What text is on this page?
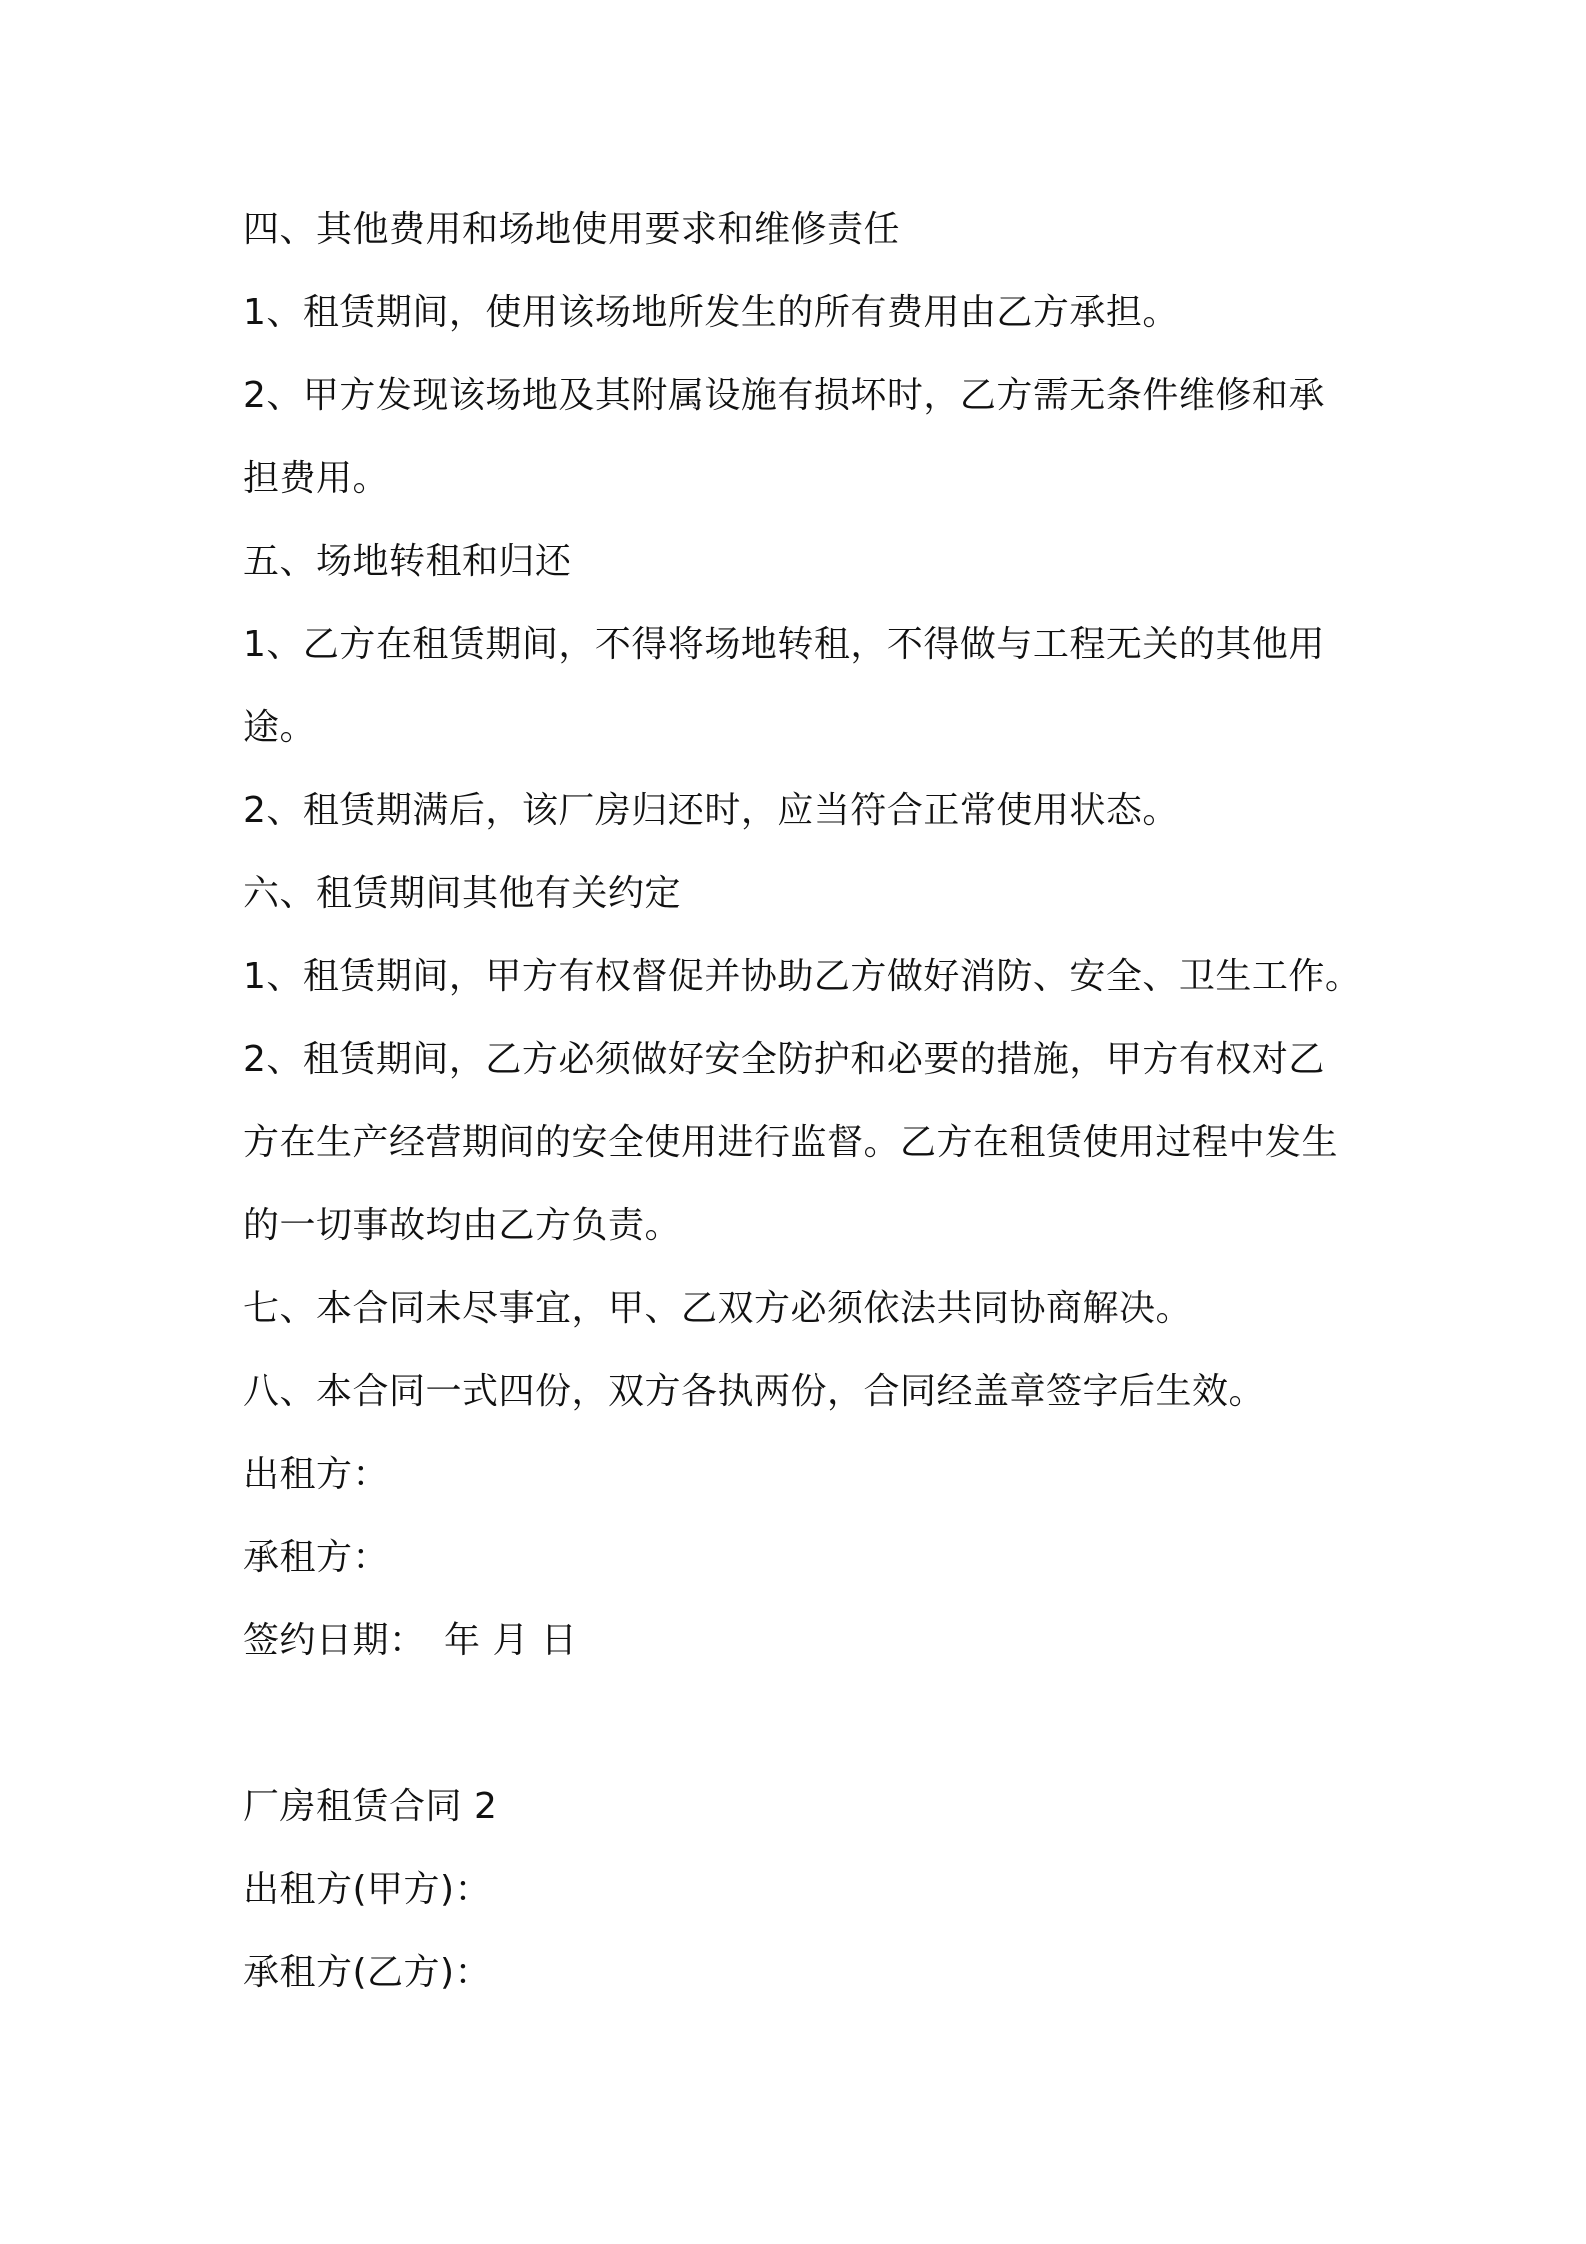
四、其他费用和场地使用要求和维修责任

1、租赁期间，使用该场地所发生的所有费用由乙方承担。

2、甲方发现该场地及其附属设施有损坏时，乙方需无条件维修和承

担费用。

五、场地转租和归还

1、乙方在租赁期间，不得将场地转租，不得做与工程无关的其他用

途。

2、租赁期满后，该厂房归还时，应当符合正常使用状态。

六、租赁期间其他有关约定

1、租赁期间，甲方有权督促并协助乙方做好消防、安全、卫生工作。

2、租赁期间，乙方必须做好安全防护和必要的措施，甲方有权对乙

方在生产经营期间的安全使用进行监督。乙方在租赁使用过程中发生

的一切事故均由乙方负责。

七、本合同未尽事宜，甲、乙双方必须依法共同协商解决。

八、本合同一式四份，双方各执两份，合同经盖章签字后生效。

出租方：

承租方：

签约日期：　年 月 日

厂房租赁合同 2

出租方(甲方)：

承租方(乙方)：
